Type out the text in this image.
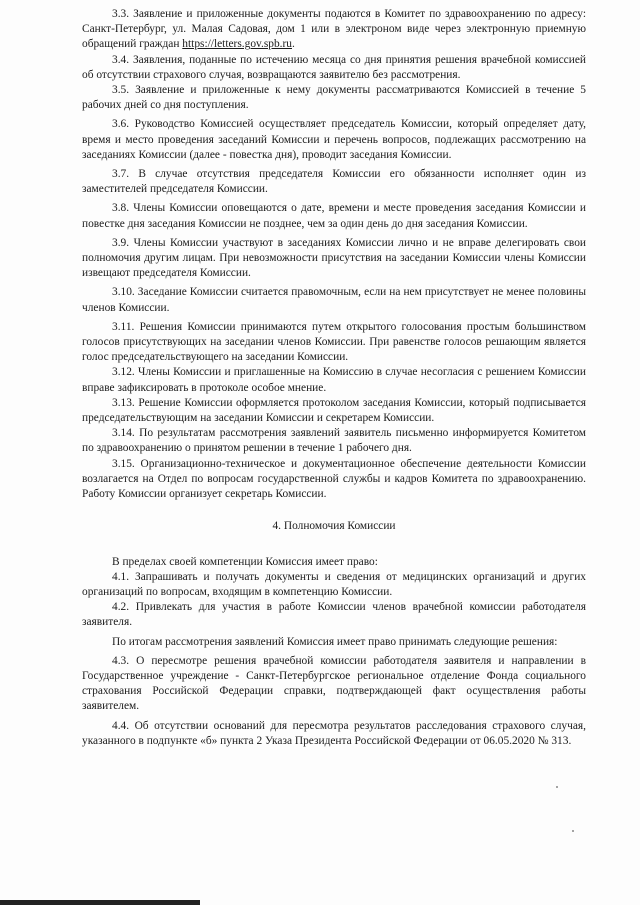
3.3. Заявление и приложенные документы подаются в Комитет по здравоохранению по адресу: Санкт-Петербург, ул. Малая Садовая, дом 1 или в электроном виде через электронную приемную обращений граждан https://letters.gov.spb.ru.

3.4. Заявления, поданные по истечению месяца со дня принятия решения врачебной комиссией об отсутствии страхового случая, возвращаются заявителю без рассмотрения.

3.5. Заявление и приложенные к нему документы рассматриваются Комиссией в течение 5 рабочих дней со дня поступления.

3.6. Руководство Комиссией осуществляет председатель Комиссии, который определяет дату, время и место проведения заседаний Комиссии и перечень вопросов, подлежащих рассмотрению на заседаниях Комиссии (далее - повестка дня), проводит заседания Комиссии.

3.7. В случае отсутствия председателя Комиссии его обязанности исполняет один из заместителей председателя Комиссии.

3.8. Члены Комиссии оповещаются о дате, времени и месте проведения заседания Комиссии и повестке дня заседания Комиссии не позднее, чем за один день до дня заседания Комиссии.

3.9. Члены Комиссии участвуют в заседаниях Комиссии лично и не вправе делегировать свои полномочия другим лицам. При невозможности присутствия на заседании Комиссии члены Комиссии извещают председателя Комиссии.

3.10. Заседание Комиссии считается правомочным, если на нем присутствует не менее половины членов Комиссии.

3.11. Решения Комиссии принимаются путем открытого голосования простым большинством голосов присутствующих на заседании членов Комиссии. При равенстве голосов решающим является голос председательствующего на заседании Комиссии.

3.12. Члены Комиссии и приглашенные на Комиссию в случае несогласия с решением Комиссии вправе зафиксировать в протоколе особое мнение.

3.13. Решение Комиссии оформляется протоколом заседания Комиссии, который подписывается председательствующим на заседании Комиссии и секретарем Комиссии.

3.14. По результатам рассмотрения заявлений заявитель письменно информируется Комитетом по здравоохранению о принятом решении в течение 1 рабочего дня.

3.15. Организационно-техническое и документационное обеспечение деятельности Комиссии возлагается на Отдел по вопросам государственной службы и кадров Комитета по здравоохранению. Работу Комиссии организует секретарь Комиссии.

4. Полномочия Комиссии

В пределах своей компетенции Комиссия имеет право:

4.1. Запрашивать и получать документы и сведения от медицинских организаций и других организаций по вопросам, входящим в компетенцию Комиссии.

4.2. Привлекать для участия в работе Комиссии членов врачебной комиссии работодателя заявителя.

По итогам рассмотрения заявлений Комиссия имеет право принимать следующие решения:

4.3. О пересмотре решения врачебной комиссии работодателя заявителя и направлении в Государственное учреждение - Санкт-Петербургское региональное отделение Фонда социального страхования Российской Федерации справки, подтверждающей факт осуществления работы заявителем.

4.4. Об отсутствии оснований для пересмотра результатов расследования страхового случая, указанного в подпункте «б» пункта 2 Указа Президента Российской Федерации от 06.05.2020 № 313.
